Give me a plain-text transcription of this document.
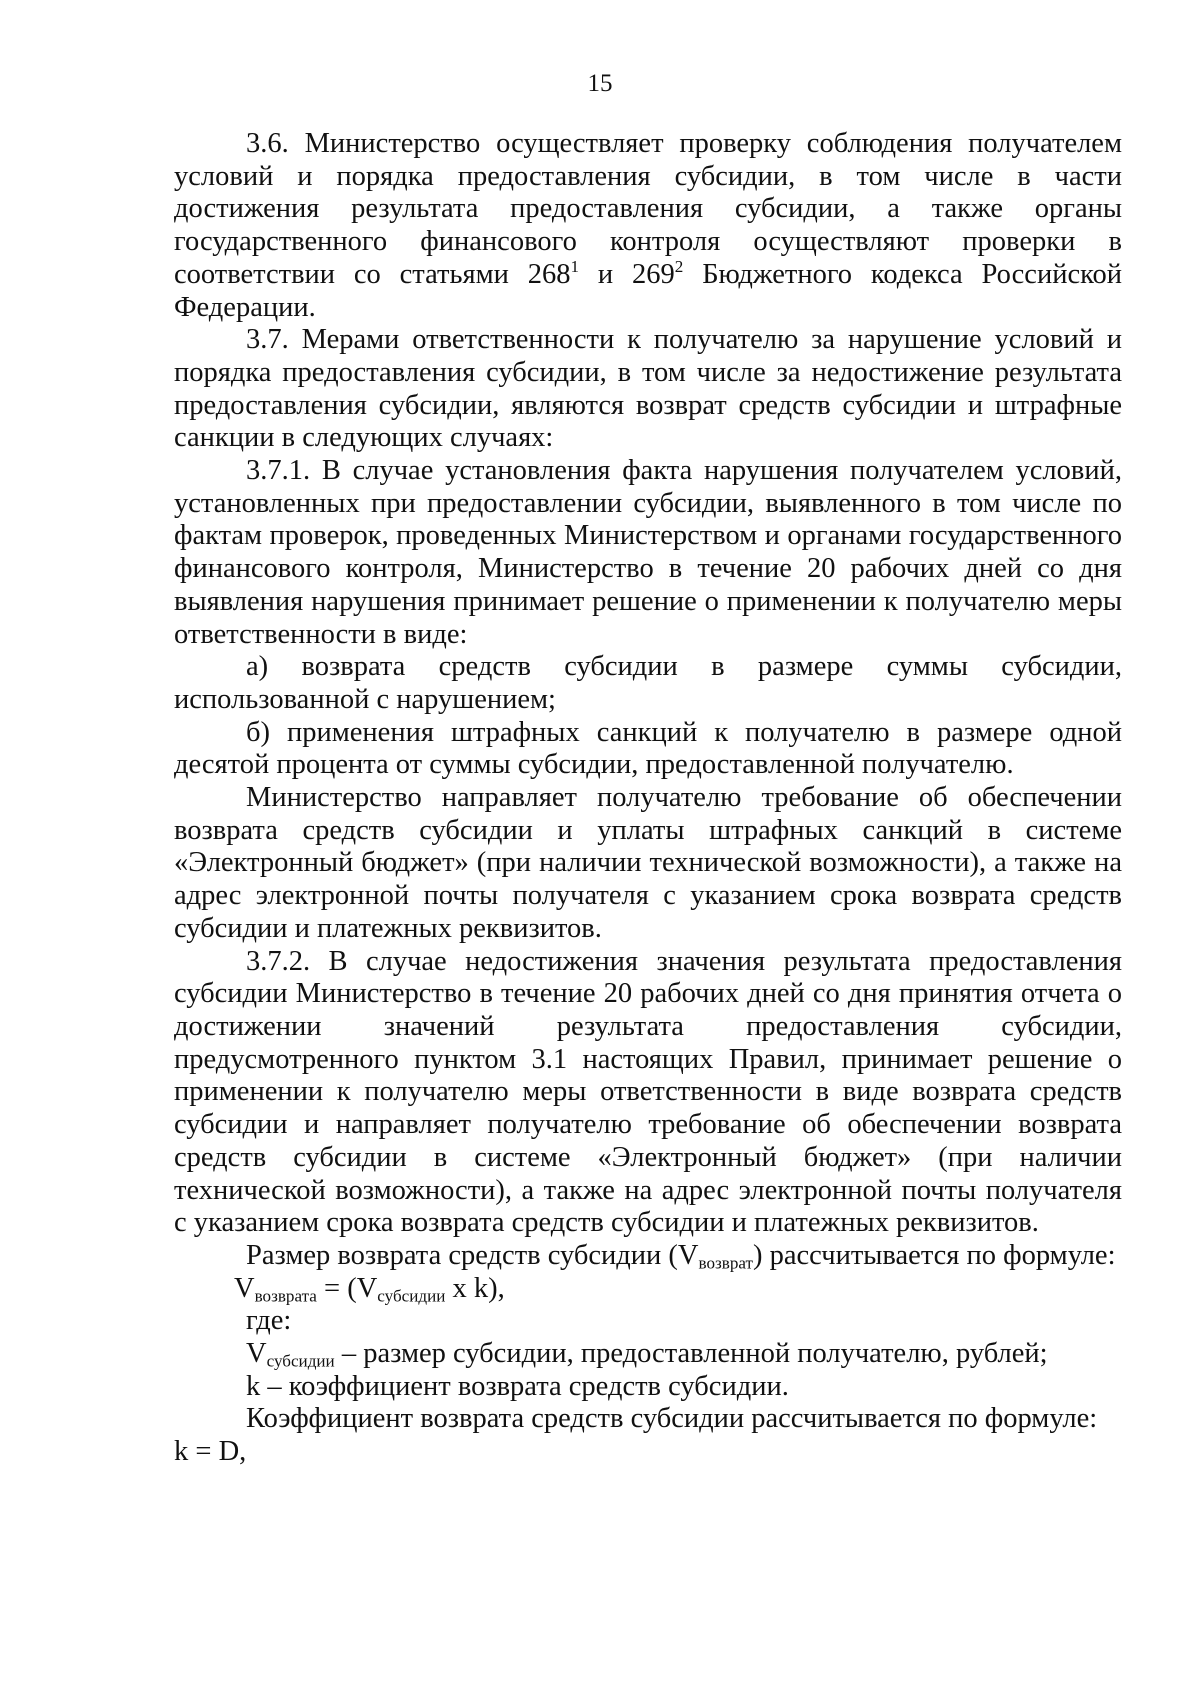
15

3.6. Министерство осуществляет проверку соблюдения получателем условий и порядка предоставления субсидии, в том числе в части достижения результата предоставления субсидии, а также органы государственного финансового контроля осуществляют проверки в соответствии со статьями $268^1$ и $269^2$ Бюджетного кодекса Российской Федерации.

3.7. Мерами ответственности к получателю за нарушение условий и порядка предоставления субсидии, в том числе за недостижение результата предоставления субсидии, являются возврат средств субсидии и штрафные санкции в следующих случаях:

3.7.1. В случае установления факта нарушения получателем условий, установленных при предоставлении субсидии, выявленного в том числе по фактам проверок, проведенных Министерством и органами государственного финансового контроля, Министерство в течение 20 рабочих дней со дня выявления нарушения принимает решение о применении к получателю меры ответственности в виде:

а) возврата средств субсидии в размере суммы субсидии, использованной с нарушением;

б) применения штрафных санкций к получателю в размере одной десятой процента от суммы субсидии, предоставленной получателю.

Министерство направляет получателю требование об обеспечении возврата средств субсидии и уплаты штрафных санкций в системе «Электронный бюджет» (при наличии технической возможности), а также на адрес электронной почты получателя с указанием срока возврата средств субсидии и платежных реквизитов.

3.7.2. В случае недостижения значения результата предоставления субсидии Министерство в течение 20 рабочих дней со дня принятия отчета о достижении значений результата предоставления субсидии, предусмотренного пунктом 3.1 настоящих Правил, принимает решение о применении к получателю меры ответственности в виде возврата средств субсидии и направляет получателю требование об обеспечении возврата средств субсидии в системе «Электронный бюджет» (при наличии технической возможности), а также на адрес электронной почты получателя с указанием срока возврата средств субсидии и платежных реквизитов.

Размер возврата средств субсидии $(V_{возврат})$ рассчитывается по формуле:

$V_{возврата} = (V_{субсидии}$ x k),

где:

$V_{субсидии}$ – размер субсидии, предоставленной получателю, рублей;

k – коэффициент возврата средств субсидии.

Коэффициент возврата средств субсидии рассчитывается по формуле:

k = D,
